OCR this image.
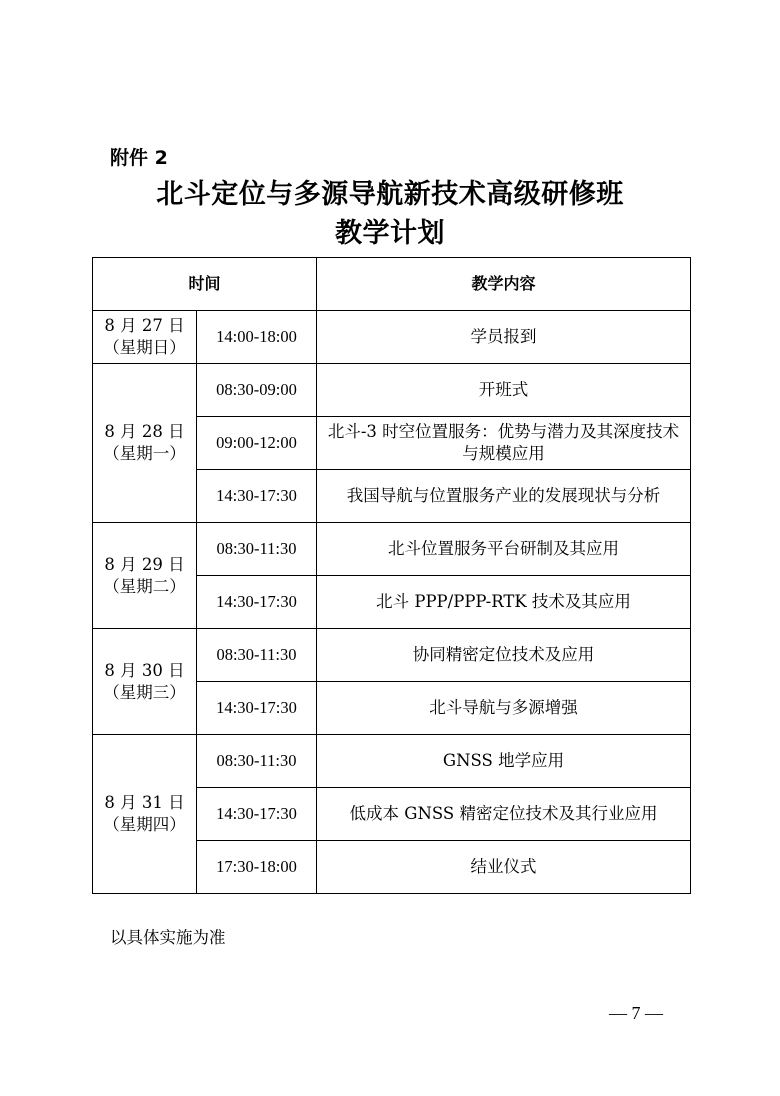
附件 2
北斗定位与多源导航新技术高级研修班
教学计划
时间		教学内容

8 月 27 日
（星期日）	14:00-18:00	学员报到

8 月 28 日
（星期一）	08:30-09:00	开班式
	09:00-12:00	北斗-3 时空位置服务：优势与潜力及其深度技术与规模应用
	14:30-17:30	我国导航与位置服务产业的发展现状与分析

8 月 29 日
（星期二）	08:30-11:30	北斗位置服务平台研制及其应用
	14:30-17:30	北斗 PPP/PPP-RTK 技术及其应用

8 月 30 日
（星期三）	08:30-11:30	协同精密定位技术及应用
	14:30-17:30	北斗导航与多源增强

8 月 31 日
（星期四）	08:30-11:30	GNSS 地学应用
	14:30-17:30	低成本 GNSS 精密定位技术及其行业应用
	17:30-18:00	结业仪式
以具体实施为准
— 7 —
